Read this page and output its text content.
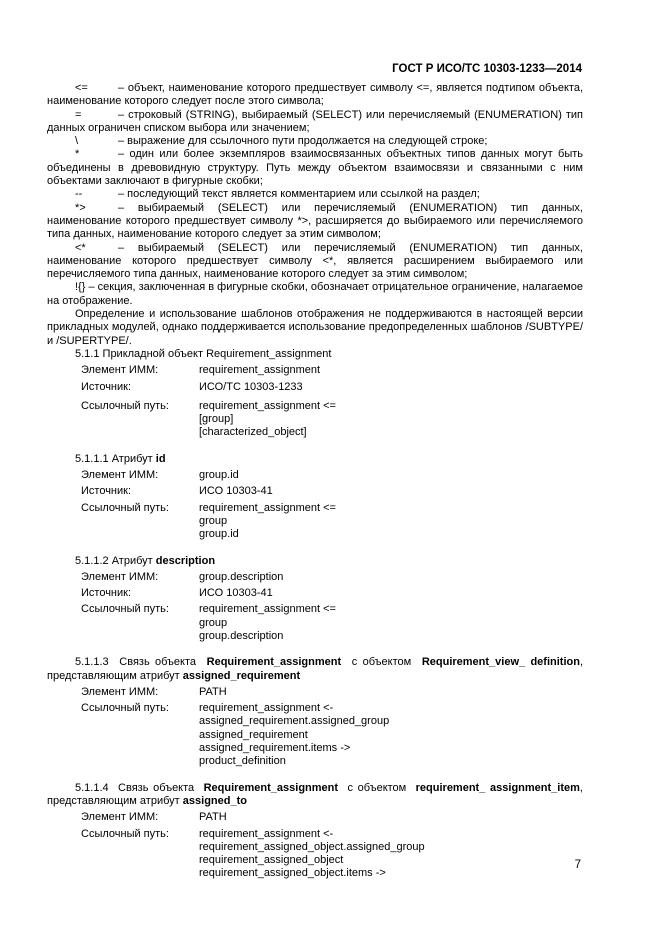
ГОСТ Р ИСО/ТС 10303-1233—2014
<=	– объект, наименование которого предшествует символу <=, является подтипом объекта, наименование которого следует после этого символа;
=	– строковый (STRING), выбираемый (SELECT) или перечисляемый (ENUMERATION) тип данных ограничен списком выбора или значением;
\	– выражение для ссылочного пути продолжается на следующей строке;
*	– один или более экземпляров взаимосвязанных объектных типов данных могут быть объединены в древовидную структуру. Путь между объектом взаимосвязи и связанными с ним объектами заключают в фигурные скобки;
--	– последующий текст является комментарием или ссылкой на раздел;
*>	– выбираемый (SELECT) или перечисляемый (ENUMERATION) тип данных, наименование которого предшествует символу *>, расширяется до выбираемого или перечисляемого типа данных, наименование которого следует за этим символом;
<*	– выбираемый (SELECT) или перечисляемый (ENUMERATION) тип данных, наименование которого предшествует символу <*, является расширением выбираемого или перечисляемого типа данных, наименование которого следует за этим символом;
!{} – секция, заключенная в фигурные скобки, обозначает отрицательное ограничение, налагаемое на отображение.
Определение и использование шаблонов отображения не поддерживаются в настоящей версии прикладных модулей, однако поддерживается использование предопределенных шаблонов /SUBTYPE/ и /SUPERTYPE/.
5.1.1 Прикладной объект Requirement_assignment
Элемент ИММ:	requirement_assignment
Источник:	ИСО/ТС 10303-1233
Ссылочный путь:	requirement_assignment <=
[group]
[characterized_object]
5.1.1.1 Атрибут id
Элемент ИММ:	group.id
Источник:	ИСО 10303-41
Ссылочный путь:	requirement_assignment <=
group
group.id
5.1.1.2 Атрибут description
Элемент ИММ:	group.description
Источник:	ИСО 10303-41
Ссылочный путь:	requirement_assignment <=
group
group.description
5.1.1.3 Связь объекта Requirement_assignment с объектом Requirement_view_ definition, представляющим атрибут assigned_requirement
Элемент ИММ:	PATH
Ссылочный путь:	requirement_assignment <-
assigned_requirement.assigned_group
assigned_requirement
assigned_requirement.items ->
product_definition
5.1.1.4 Связь объекта Requirement_assignment с объектом requirement_ assignment_item, представляющим атрибут assigned_to
Элемент ИММ:	PATH
Ссылочный путь:	requirement_assignment <-
requirement_assigned_object.assigned_group
requirement_assigned_object
requirement_assigned_object.items ->
7
